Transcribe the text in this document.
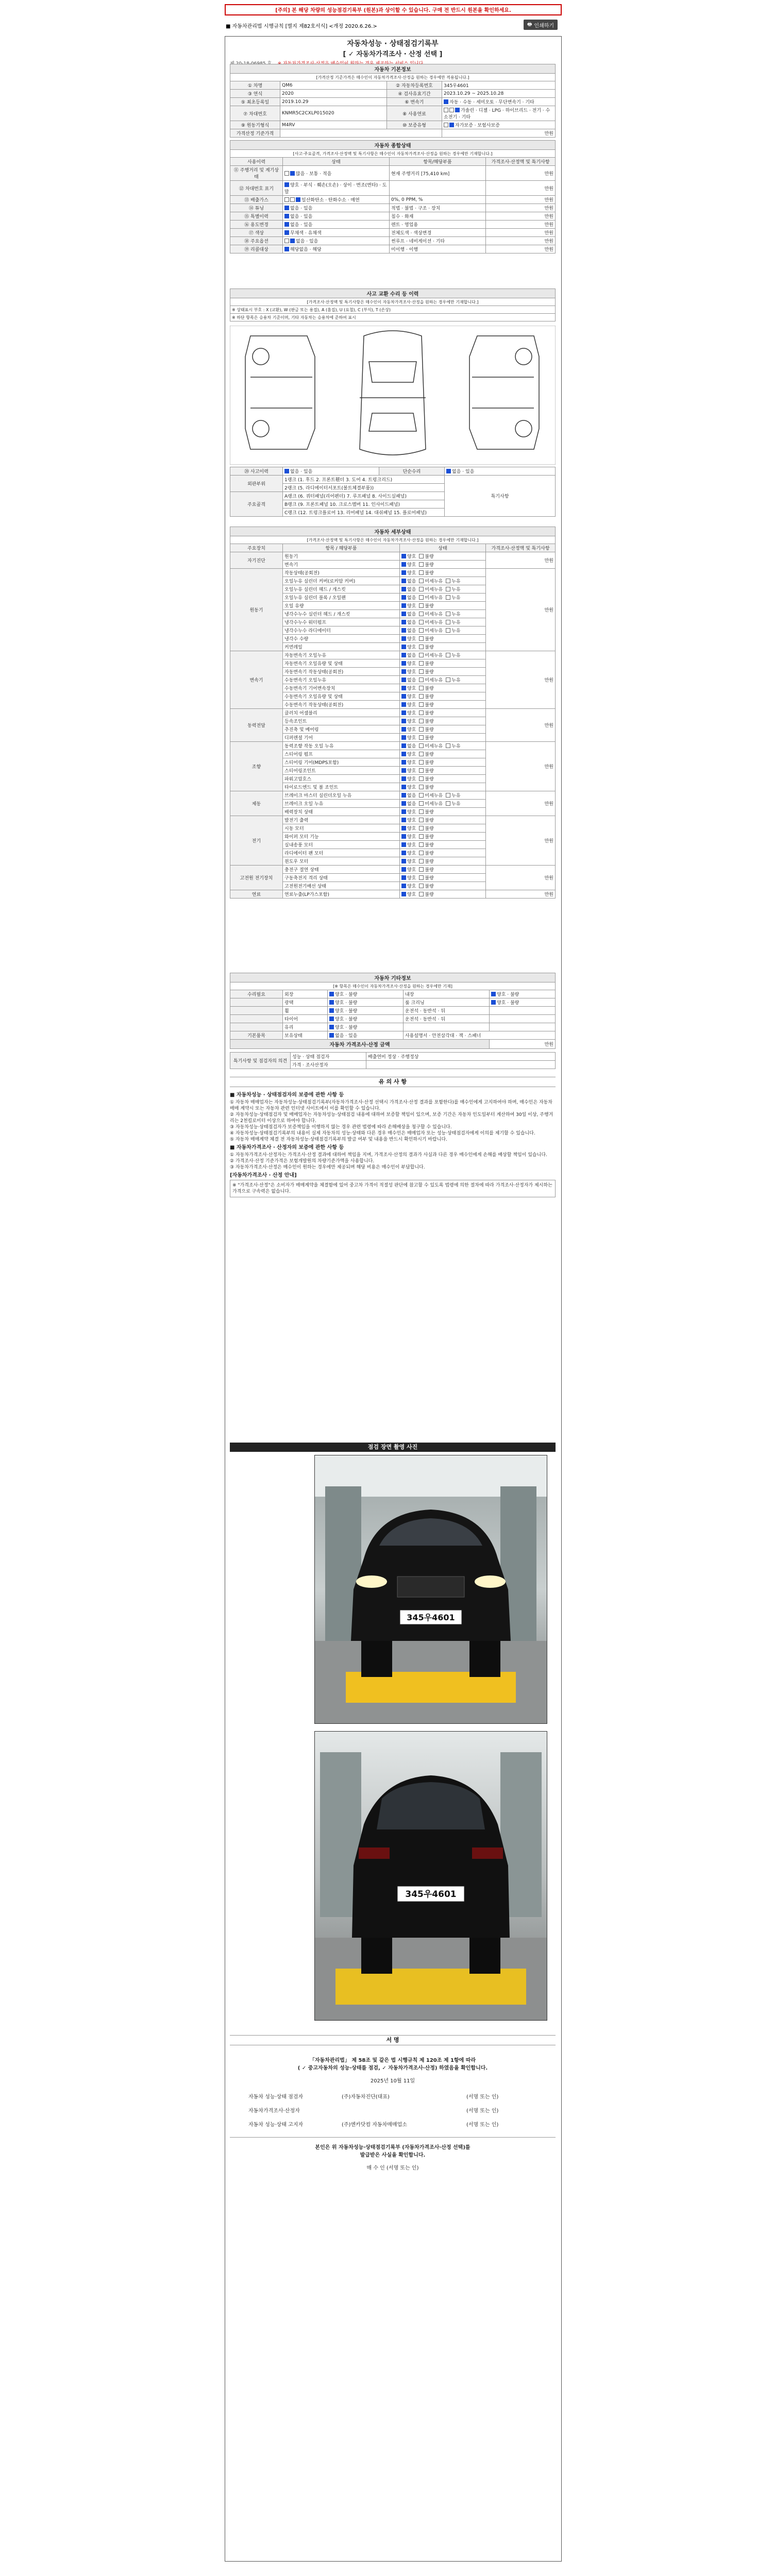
[주의] 본 해당 차량의 성능점검기록부 (원본)과 상이할 수 있습니다. 구매 전 반드시 원본을 확인하세요.
■ 자동차관리법 시행규칙 [별지 제82호서식] <개정 2020.6.26.>	🖶 인쇄하기
자동차성능 · 상태점검기록부
[ ✓ 자동차가격조사 · 산정 선택 ]

자동차 기본정보			
[가격산정 기준가격은 매수인이 자동차가격조사·산정을 원하는 경우에만 적용됩니다.]			
① 차명	QM6	② 자동차등록번호	345우4601
③ 연식	2020	④ 검사유효기간	2023.10.29 ~ 2025.10.28
⑤ 최초등록일	2019.10.29	⑥ 변속기	자동 · 수동 · 세미오토 · 무단변속기 · 기타
⑦ 차대번호	KNMR5C2CXLP015020	⑧ 사용연료	가솔린 · 디젤 · LPG · 하이브리드 · 전기 · 수소전기 · 기타
⑨ 원동기형식	M4RV	⑩ 보증유형	자가보증 · 보험사보증
가격산정 기준가격			만원
자동차 종합상태			
[사고·주요골격, 가격조사·산정액 및 특기사항은 매수인이 자동차가격조사·산정을 원하는 경우에만 기재합니다.]			
사용이력	상태	항목/해당부품	가격조사·산정액 및 특기사항
⑪ 주행거리 및 계기상태	많음 · 보통 · 적음	현재 주행거리 [75,410 km]	만원
⑫ 차대번호 표기	양호 · 부식 · 훼손(오손) · 상이 · 변조(변타) · 도말		만원
⑬ 배출가스	일산화탄소 · 탄화수소 · 매연	0%, 0 PPM, %	만원
⑭ 튜닝	없음 · 있음	적법 · 불법 · 구조 · 장치	만원
⑮ 특별이력	없음 · 있음	침수 · 화재	만원
⑯ 용도변경	없음 · 있음	렌트 · 영업용	만원
⑰ 색상	무채색 · 유채색	전체도색 · 색상변경	만원
⑱ 주요옵션	없음 · 있음	썬루프 · 네비게이션 · 기타	만원
⑲ 리콜대상	해당없음 · 해당	미이행 · 이행	만원
사고 교환 수리 등 이력
[가격조사·산정액 및 특기사항은 매수인이 자동차가격조사·산정을 원하는 경우에만 기재합니다.]
※ 상태표시 부호 : X (교환), W (판금 또는 용접), A (흠집), U (요철), C (부식), T (손상)
※ 하단 항목은 승용차 기준이며, 기타 자동차는 승용차에 준하여 표시
⑳ 사고이력	없음 · 있음	단순수리	없음 · 있음
외판부위	1랭크 (1. 후드 2. 프론트휀더 3. 도어 4. 트렁크리드)		특기사항
	2랭크 (5. 라디에이터서포트(볼트체결부품))		
주요골격	A랭크 (6. 쿼터패널(리어펜더) 7. 루프패널 8. 사이드실패널)		
	B랭크 (9. 프론트패널 10. 크로스멤버 11. 인사이드패널)		
	C랭크 (12. 트렁크플로어 13. 리어패널 14. 대쉬패널 15. 플로어패널)		
자동차 세부상태			
[가격조사·산정액 및 특기사항은 매수인이 자동차가격조사·산정을 원하는 경우에만 기재합니다.]			
주요장치	항목 / 해당부품	상태	가격조사·산정액 및 특기사항
자기진단	원동기	양호 불량	만원
	변속기	양호 불량	
원동기	작동상태(공회전)	양호 불량	만원
	오일누유 실린더 커버(로커암 커버)	없음 미세누유 누유	
	오일누유 실린더 헤드 / 개스킷	없음 미세누유 누유	
	오일누유 실린더 블록 / 오일팬	없음 미세누유 누유	
	오일 유량	양호 불량	
	냉각수누수 실린더 헤드 / 개스킷	없음 미세누유 누유	
	냉각수누수 워터펌프	없음 미세누유 누유	
	냉각수누수 라디에이터	없음 미세누유 누유	
	냉각수 수량	양호 불량	
	커먼레일	양호 불량	
변속기	자동변속기 오일누유	없음 미세누유 누유	만원
	자동변속기 오일유량 및 상태	양호 불량	
	자동변속기 작동상태(공회전)	양호 불량	
	수동변속기 오일누유	없음 미세누유 누유	
	수동변속기 기어변속장치	양호 불량	
	수동변속기 오일유량 및 상태	양호 불량	
	수동변속기 작동상태(공회전)	양호 불량	
동력전달	클러치 어셈블리	양호 불량	만원
	등속조인트	양호 불량	
	추진축 및 베어링	양호 불량	
	디퍼렌셜 기어	양호 불량	
조향	동력조향 작동 오일 누유	없음 미세누유 누유	만원
	스티어링 펌프	양호 불량	
	스티어링 기어(MDPS포함)	양호 불량	
	스티어링조인트	양호 불량	
	파워고압호스	양호 불량	
	타이로드엔드 및 볼 조인트	양호 불량	
제동	브레이크 마스터 실린더오일 누유	없음 미세누유 누유	만원
	브레이크 오일 누유	없음 미세누유 누유	
	배력장치 상태	양호 불량	
전기	발전기 출력	양호 불량	만원
	시동 모터	양호 불량	
	와이퍼 모터 기능	양호 불량	
	실내송풍 모터	양호 불량	
	라디에이터 팬 모터	양호 불량	
	윈도우 모터	양호 불량	
고전원 전기장치	충전구 절연 상태	양호 불량	만원
	구동축전지 격리 상태	양호 불량	
	고전원전기배선 상태	양호 불량	
연료	연료누출(LP가스포함)	양호 불량	만원
자동차 기타정보				
[※ 항목은 매수인이 자동차가격조사·산정을 원하는 경우에만 기재]				
수리필요	외장	양호 · 불량	내장	양호 · 불량
	광택	양호 · 불량	룸 크리닝	양호 · 불량
	휠	양호 · 불량	운전석 · 동반석 · 뒤	
	타이어	양호 · 불량	운전석 · 동반석 · 뒤	
	유리	양호 · 불량		
기본품목	보유상태	없음 · 있음	사용설명서 · 안전삼각대 · 잭 · 스패너	
자동차 가격조사·산정 금액				만원
특기사항 및 점검자의 의견	성능 · 상태 점검자	배출연비 정상 · 주행정상
	가격 · 조사산정자	
유 의 사 항
■ 자동차성능 · 상태점검자의 보증에 관한 사항 등
① 자동차 매매업자는 자동차성능·상태점검기록부(자동차가격조사·산정 선택시 가격조사·산정 결과를 포함한다)를 매수인에게 고지하여야 하며, 매수인은 자동차 매매 계약시 또는 자동차 관련 인터넷 사이트에서 이를 확인할 수 있습니다.
② 자동차성능·상태점검자 및 매매업자는 자동차성능·상태점검 내용에 대하여 보증할 책임이 있으며, 보증 기간은 자동차 인도일부터 계산하여 30일 이상, 주행거리는 2천킬로미터 이상으로 하여야 합니다.
③ 자동차성능·상태점검자가 보증책임을 이행하지 않는 경우 관련 법령에 따라 손해배상을 청구할 수 있습니다.
④ 자동차성능·상태점검기록부의 내용이 실제 자동차의 성능·상태와 다른 경우 매수인은 매매업자 또는 성능·상태점검자에게 이의를 제기할 수 있습니다.
⑤ 자동차 매매계약 체결 전 자동차성능·상태점검기록부의 발급 여부 및 내용을 반드시 확인하시기 바랍니다.
■ 자동차가격조사 · 산정자의 보증에 관한 사항 등
① 자동차가격조사·산정자는 가격조사·산정 결과에 대하여 책임을 지며, 가격조사·산정의 결과가 사실과 다른 경우 매수인에게 손해를 배상할 책임이 있습니다.
② 가격조사·산정 기준가격은 보험개발원의 차량기준가액을 사용합니다.
③ 자동차가격조사·산정은 매수인이 원하는 경우에만 제공되며 해당 비용은 매수인이 부담합니다.
[자동차가격조사 · 산정 안내]
※ "가격조사·산정"은 소비자가 매매계약을 체결함에 있어 중고차 가격이 적절성 판단에 참고할 수 있도록 법령에 의한 절차에 따라 가격조사·산정자가 제시하는 가격으로 구속력은 없습니다.
점검 장면 촬영 사진
345우4601
345우4601
서 명
「자동차관리법」 제 58조 및 같은 법 시행규칙 제 120조 제 1항에 따라
( ✓ 중고자동차의 성능·상태를 점검, ✓ 자동차가격조사·산정) 하였음을 확인합니다.
2025년 10월 11일
자동차 성능·상태 점검자	(주)자동차진단(대표)	(서명 또는 인)
자동차가격조사·산정자		(서명 또는 인)
자동차 성능·상태 고지자	(주)엔카닷컴 자동차매매업소	(서명 또는 인)
본인은 위 자동차성능·상태점검기록부 (자동차가격조사·산정 선택)를
발급받은 사실을 확인합니다.
매 수 인 (서명 또는 인)
